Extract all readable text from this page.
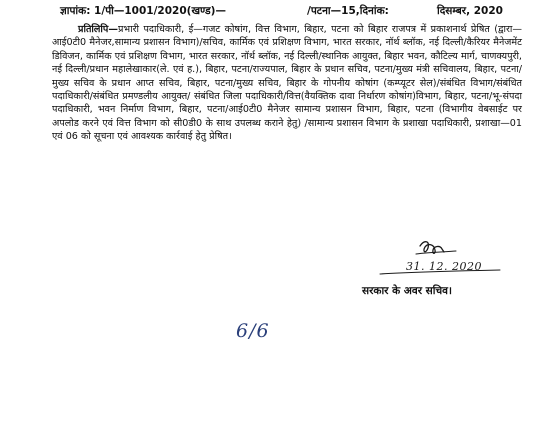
ज्ञापांक: 1/पी—1001/2020(खण्ड)—	/पटना—15,दिनांक:	दिसम्बर, 2020
प्रतिलिपि—प्रभारी पदाधिकारी, ई—गजट कोषांग, वित्त विभाग, बिहार, पटना को बिहार राजपत्र में प्रकाशनार्थ प्रेषित (द्वारा—आई0टी0 मैनेजर,सामान्य प्रशासन विभाग)/सचिव, कार्मिक एवं प्रशिक्षण विभाग, भारत सरकार, नॉर्थ ब्लॉक, नई दिल्ली/कैरियर मैनेजमेंट डिविजन, कार्मिक एवं प्रशिक्षण विभाग, भारत सरकार, नॉर्थ ब्लॉक, नई दिल्ली/स्थानिक आयुक्त, बिहार भवन, कौटिल्य मार्ग, चाणक्यपुरी, नई दिल्ली/प्रधान महालेखाकार(ले. एवं ह.), बिहार, पटना/राज्यपाल, बिहार के प्रधान सचिव, पटना/मुख्य मंत्री सचिवालय, बिहार, पटना/मुख्य सचिव के प्रधान आप्त सचिव, बिहार, पटना/मुख्य सचिव, बिहार के गोपनीय कोषांग (कम्प्यूटर सेल)/संबंधित विभाग/संबंधित पदाधिकारी/संबंधित प्रमण्डलीय आयुक्त/ संबंधित जिला पदाधिकारी/वित्त(वैयक्तिक दावा निर्धारण कोषांग)विभाग, बिहार, पटना/भू-संपदा पदाधिकारी, भवन निर्माण विभाग, बिहार, पटना/आई0टी0 मैनेजर सामान्य प्रशासन विभाग, बिहार, पटना (विभागीय वेबसाईट पर अपलोड करने एवं वित्त विभाग को सी0डी0 के साथ उपलब्ध कराने हेतु) /सामान्य प्रशासन विभाग के प्रशाखा पदाधिकारी, प्रशाखा—01 एवं 06 को सूचना एवं आवश्यक कार्रवाई हेतु प्रेषित।
31. 12. 2020
सरकार के अवर सचिव।
6/6
